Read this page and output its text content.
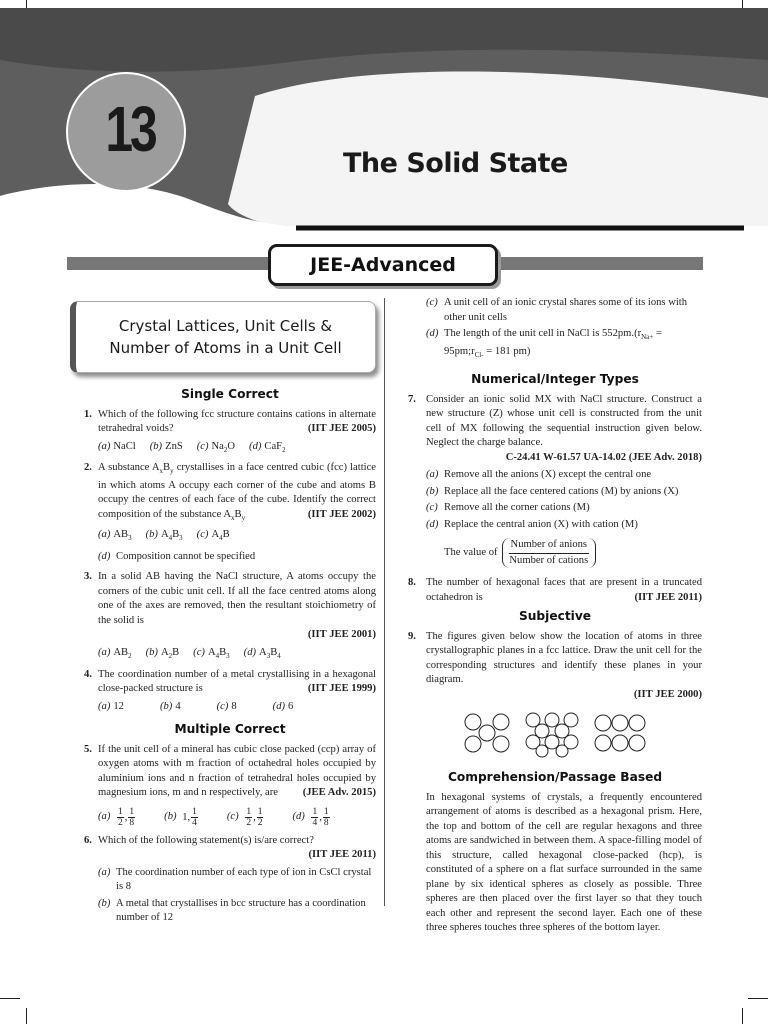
13	The Solid State
JEE-Advanced
Crystal Lattices, Unit Cells &
Number of Atoms in a Unit Cell
Single Correct
1. Which of the following fcc structure contains cations in alternate tetrahedral voids?	(IIT JEE 2005)
(a) NaCl (b) ZnS (c) $Na_2O$ (d) CaF$_2$
2. A substance $A_xB_y$ crystallises in a face centred cubic (fcc) lattice in which atoms A occupy each corner of the cube and atoms B occupy the centres of each face of the cube. Identify the correct composition of the substance $A_xB_y$	(IIT JEE 2002)
(a) $AB_3$ (b) $A_4B_3$ (c) $A_4B$
(d) Composition cannot be specified
3. In a solid AB having the NaCl structure, A atoms occupy the corners of the cubic unit cell. If all the face centred atoms along one of the axes are removed, then the resultant stoichiometry of the solid is
(IIT JEE 2001)
(a) $AB_2$ (b) $A_2B$ (c) $A_4B_3$ (d) $A_3B_4$
4. The coordination number of a metal crystallising in a hexagonal close-packed structure is	(IIT JEE 1999)
(a) 12	(b) 4	(c) 8	(d) 6
Multiple Correct
5. If the unit cell of a mineral has cubic close packed (ccp) array of oxygen atoms with m fraction of octahedral holes occupied by aluminium ions and n fraction of tetrahedral holes occupied by magnesium ions, m and n respectively, are (JEE Adv. 2015)
$(a) \frac{1}{2}$ , $\frac{1}{8}$	(b) 1, $\frac{1}{4}$	$(c) \frac{1}{2}$ , $\frac{1}{2}$	$(d) \frac{1}{4}$ , $\frac{1}{8}$
6. Which of the following statement(s) is/are correct?
(IIT JEE 2011)
(a) The coordination number of each type of ion in CsCl crystal is 8
(b) A metal that crystallises in bcc structure has a coordination number of 12
(c) A unit cell of an ionic crystal shares some of its ions with other unit cells
(d) The length of the unit cell in NaCl is $552pm.(r_{Na+}$ = $95pm;r_{Cl-} = 181$ pm)
Numerical/Integer Types
7. Consider an ionic solid MX with NaCl structure. Construct a new structure (Z) whose unit cell is constructed from the unit cell of MX following the sequential instruction given below. Neglect the charge balance.
C-24.41 W-61.57 UA-14.02 (JEE Adv. 2018)
(a) Remove all the anions (X) except the central one
(b) Replace all the face centered cations (M) by anions (X)
(c) Remove all the corner cations (M)
(d) Replace the central anion (X) with cation (M)
The value of
Number of anions
Number of cations
8. The number of hexagonal faces that are present in a truncated octahedron is	(IIT JEE 2011)
Subjective
9. The figures given below show the location of atoms in three crystallographic planes in a fcc lattice. Draw the unit cell for the corresponding structures and identify these planes in your diagram.
(IIT JEE 2000)
Comprehension/Passage Based
In hexagonal systems of crystals, a frequently encountered arrangement of atoms is described as a hexagonal prism. Here, the top and bottom of the cell are regular hexagons and three atoms are sandwiched in between them. A space-filling model of this structure, called hexagonal close-packed (hcp), is constituted of a sphere on a flat surface surrounded in the same plane by six identical spheres as closely as possible. Three spheres are then placed over the first layer so that they touch each other and represent the second layer. Each one of these three spheres touches three spheres of the bottom layer.
